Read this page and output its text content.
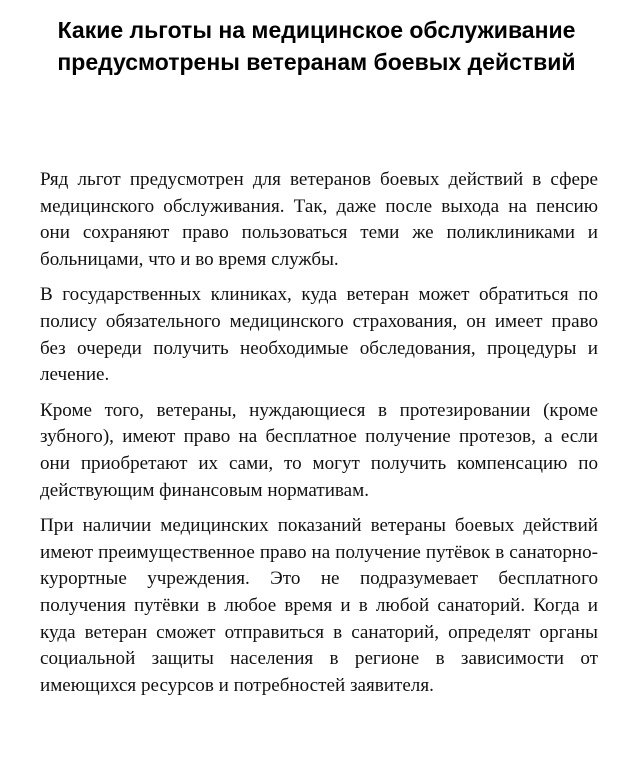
Какие льготы на медицинское обслуживание предусмотрены ветеранам боевых действий

Ряд льгот предусмотрен для ветеранов боевых действий в сфере медицинского обслуживания. Так, даже после выхода на пенсию они сохраняют право пользоваться теми же поликлиниками и больницами, что и во время службы.

В государственных клиниках, куда ветеран может обратиться по полису обязательного медицинского страхования, он имеет право без очереди получить необходимые обследования, процедуры и лечение.

Кроме того, ветераны, нуждающиеся в протезировании (кроме зубного), имеют право на бесплатное получение протезов, а если они приобретают их сами, то могут получить компенсацию по действующим финансовым нормативам.

При наличии медицинских показаний ветераны боевых действий имеют преимущественное право на получение путёвок в санаторно-курортные учреждения. Это не подразумевает бесплатного получения путёвки в любое время и в любой санаторий. Когда и куда ветеран сможет отправиться в санаторий, определят органы социальной защиты населения в регионе в зависимости от имеющихся ресурсов и потребностей заявителя.
